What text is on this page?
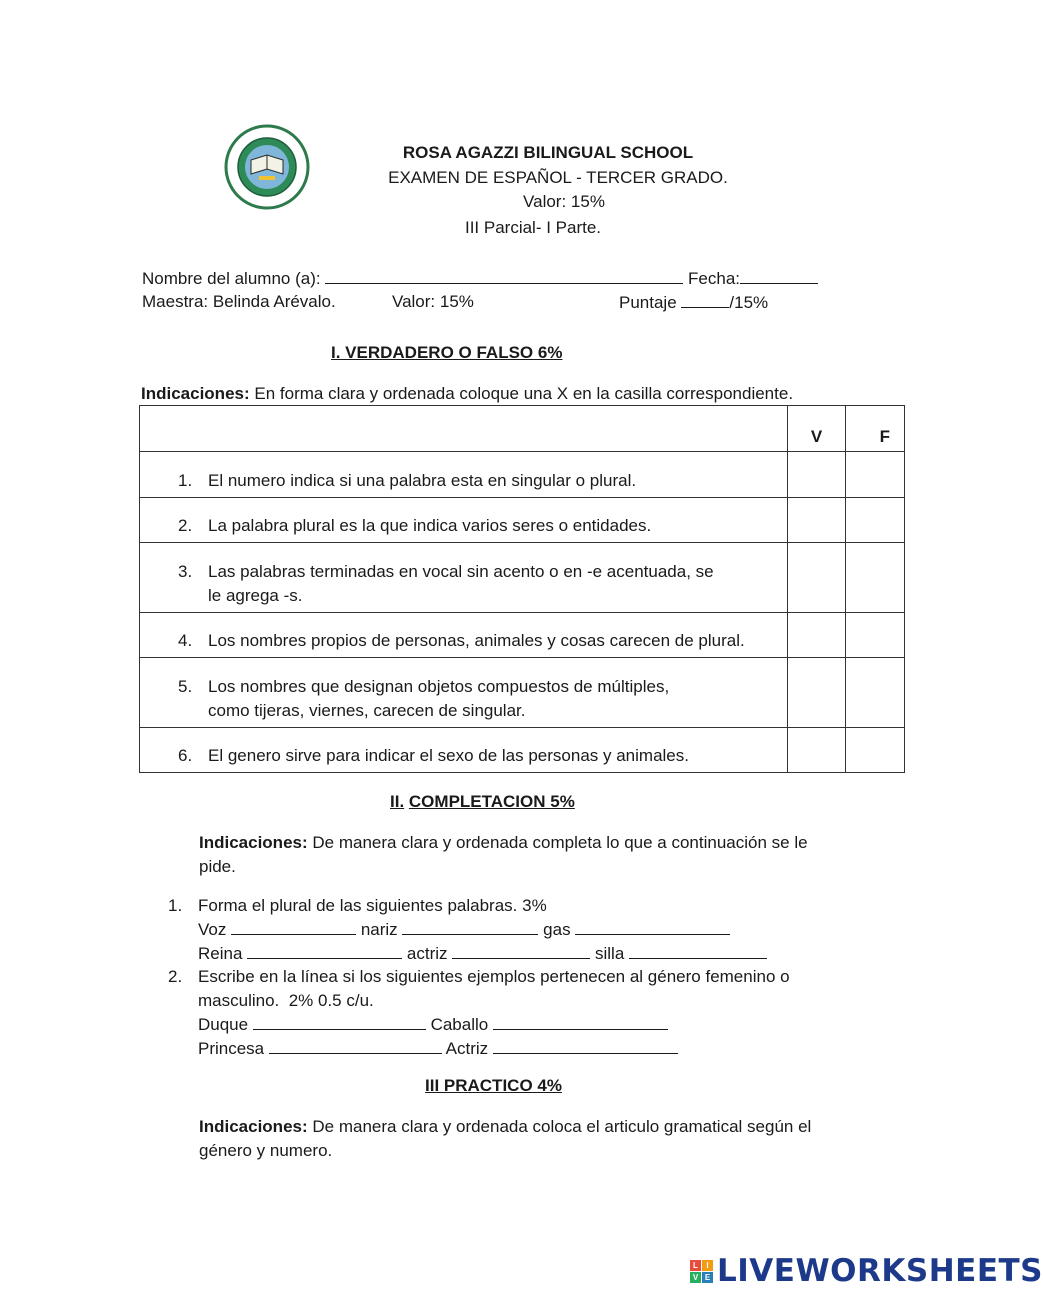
ROSA AGAZZI BILINGUAL SCHOOL
EXAMEN DE ESPAÑOL - TERCER GRADO.
Valor: 15%
III Parcial- I Parte.
Nombre del alumno (a):	Fecha:
Maestra: Belinda Arévalo.	Valor: 15%	Puntaje	/15%
I. VERDADERO O FALSO 6%
Indicaciones: En forma clara y ordenada coloque una X en la casilla correspondiente.
	V	F

1. El numero indica si una palabra esta en singular o plural.		

2. La palabra plural es la que indica varios seres o entidades.		

3. Las palabras terminadas en vocal sin acento o en -e acentuada, se le agrega -s.		

4. Los nombres propios de personas, animales y cosas carecen de plural.		

5. Los nombres que designan objetos compuestos de múltiples, como tijeras, viernes, carecen de singular.		

6. El genero sirve para indicar el sexo de las personas y animales.		

II. COMPLETACION 5%
Indicaciones: De manera clara y ordenada completa lo que a continuación se le pide.
1. Forma el plural de las siguientes palabras. 3%
Voz	nariz	gas
Reina	actriz	silla
2. Escribe en la línea si los siguientes ejemplos pertenecen al género femenino o masculino.  2% 0.5 c/u.
Duque	Caballo
Princesa	Actriz
III PRACTICO 4%
Indicaciones: De manera clara y ordenada coloca el articulo gramatical según el género y numero.
L	I
V E LIVEWORKSHEETS
